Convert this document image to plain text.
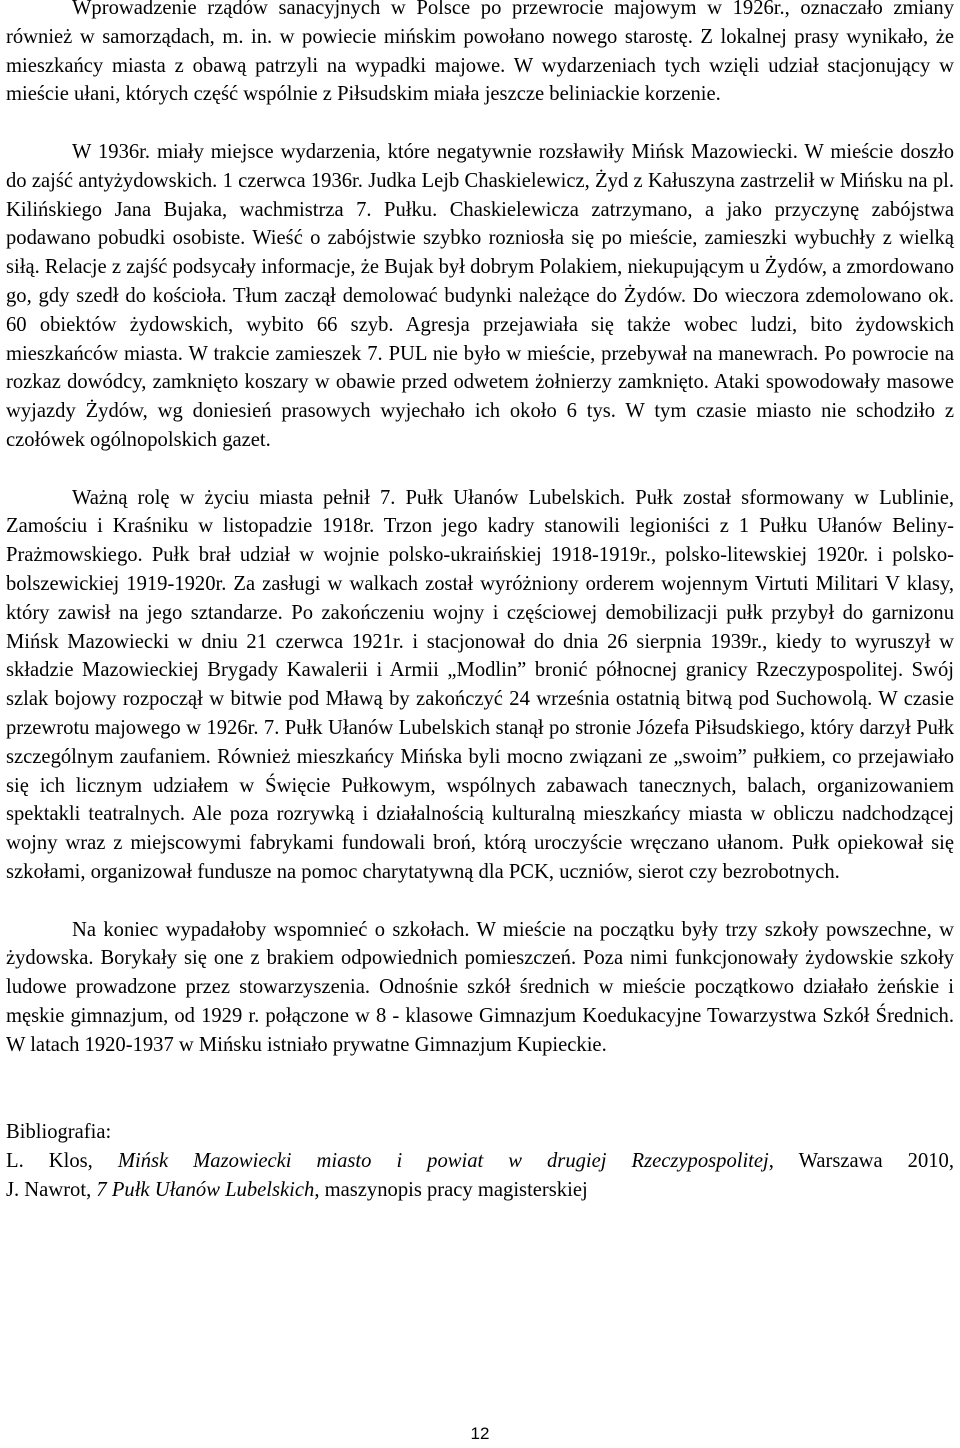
Wprowadzenie rządów sanacyjnych w Polsce po przewrocie majowym w 1926r., oznaczało zmiany również w samorządach, m. in. w powiecie mińskim powołano nowego starostę. Z lokalnej prasy wynikało, że mieszkańcy miasta z obawą patrzyli na wypadki majowe. W wydarzeniach tych wzięli udział stacjonujący w mieście ułani, których część wspólnie z Piłsudskim miała jeszcze beliniackie korzenie.

W 1936r. miały miejsce wydarzenia, które negatywnie rozsławiły Mińsk Mazowiecki. W mieście doszło do zajść antyżydowskich. 1 czerwca 1936r. Judka Lejb Chaskielewicz, Żyd z Kałuszyna zastrzelił w Mińsku na pl. Kilińskiego Jana Bujaka, wachmistrza 7. Pułku. Chaskielewicza zatrzymano, a jako przyczynę zabójstwa podawano pobudki osobiste. Wieść o zabójstwie szybko rozniosła się po mieście, zamieszki wybuchły z wielką siłą. Relacje z zajść podsycały informacje, że Bujak był dobrym Polakiem, niekupującym u Żydów, a zmordowano go, gdy szedł do kościoła. Tłum zaczął demolować budynki należące do Żydów. Do wieczora zdemolowano ok. 60 obiektów żydowskich, wybito 66 szyb. Agresja przejawiała się także wobec ludzi, bito żydowskich mieszkańców miasta. W trakcie zamieszek 7. PUL nie było w mieście, przebywał na manewrach. Po powrocie na rozkaz dowódcy, zamknięto koszary w obawie przed odwetem żołnierzy zamknięto. Ataki spowodowały masowe wyjazdy Żydów, wg doniesień prasowych wyjechało ich około 6 tys. W tym czasie miasto nie schodziło z czołówek ogólnopolskich gazet.

Ważną rolę w życiu miasta pełnił 7. Pułk Ułanów Lubelskich. Pułk został sformowany w Lublinie, Zamościu i Kraśniku w listopadzie 1918r. Trzon jego kadry stanowili legioniści z 1 Pułku Ułanów Beliny-Prażmowskiego. Pułk brał udział w wojnie polsko-ukraińskiej 1918-1919r., polsko-litewskiej 1920r. i polsko-bolszewickiej 1919-1920r. Za zasługi w walkach został wyróżniony orderem wojennym Virtuti Militari V klasy, który zawisł na jego sztandarze. Po zakończeniu wojny i częściowej demobilizacji pułk przybył do garnizonu Mińsk Mazowiecki w dniu 21 czerwca 1921r. i stacjonował do dnia 26 sierpnia 1939r., kiedy to wyruszył w składzie Mazowieckiej Brygady Kawalerii i Armii „Modlin” bronić północnej granicy Rzeczypospolitej. Swój szlak bojowy rozpoczął w bitwie pod Mławą by zakończyć 24 września ostatnią bitwą pod Suchowolą. W czasie przewrotu majowego w 1926r. 7. Pułk Ułanów Lubelskich stanął po stronie Józefa Piłsudskiego, który darzył Pułk szczególnym zaufaniem. Również mieszkańcy Mińska byli mocno związani ze „swoim” pułkiem, co przejawiało się ich licznym udziałem w Święcie Pułkowym, wspólnych zabawach tanecznych, balach, organizowaniem spektakli teatralnych. Ale poza rozrywką i działalnością kulturalną mieszkańcy miasta w obliczu nadchodzącej wojny wraz z miejscowymi fabrykami fundowali broń, którą uroczyście wręczano ułanom. Pułk opiekował się szkołami, organizował fundusze na pomoc charytatywną dla PCK, uczniów, sierot czy bezrobotnych.

Na koniec wypadałoby wspomnieć o szkołach. W mieście na początku były trzy szkoły powszechne, w żydowska. Borykały się one z brakiem odpowiednich pomieszczeń. Poza nimi funkcjonowały żydowskie szkoły ludowe prowadzone przez stowarzyszenia. Odnośnie szkół średnich w mieście początkowo działało żeńskie i męskie gimnazjum, od 1929 r. połączone w 8 - klasowe Gimnazjum Koedukacyjne Towarzystwa Szkół Średnich. W latach 1920-1937 w Mińsku istniało prywatne Gimnazjum Kupieckie.

Bibliografia:
L. Klos, Mińsk Mazowiecki miasto i powiat w drugiej Rzeczypospolitej, Warszawa 2010,
J. Nawrot, 7 Pułk Ułanów Lubelskich, maszynopis pracy magisterskiej
12
